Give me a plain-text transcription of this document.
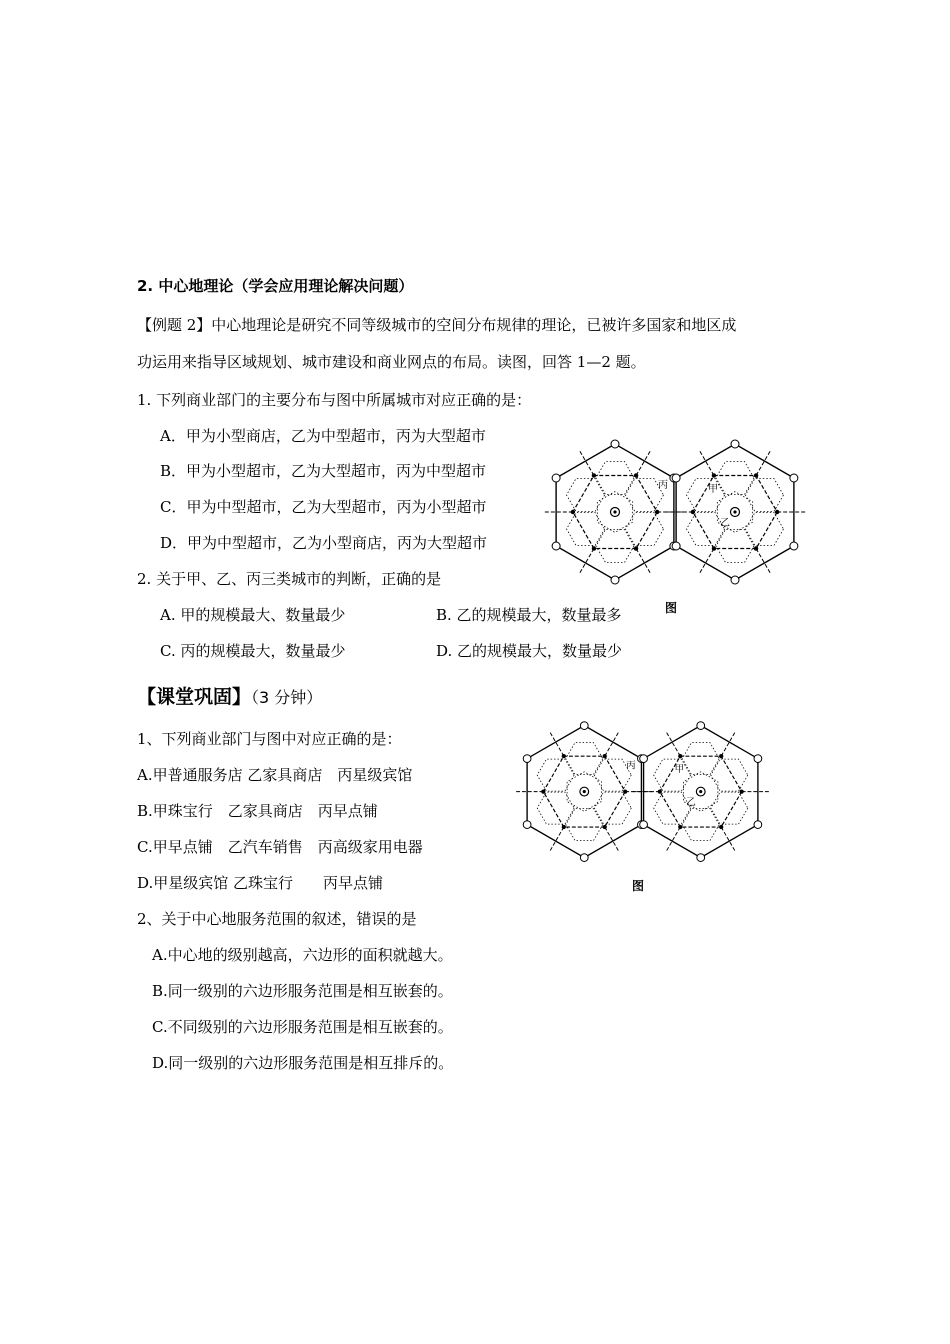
2. 中心地理论（学会应用理论解决问题）
【例题 2】中心地理论是研究不同等级城市的空间分布规律的理论，已被许多国家和地区成
功运用来指导区域规划、城市建设和商业网点的布局。读图，回答 1—2 题。
1. 下列商业部门的主要分布与图中所属城市对应正确的是：
A．甲为小型商店，乙为中型超市，丙为大型超市
B．甲为小型超市，乙为大型超市，丙为中型超市
C．甲为中型超市，乙为大型超市，丙为小型超市
D．甲为中型超市，乙为小型商店，丙为大型超市
2. 关于甲、乙、丙三类城市的判断，正确的是
A. 甲的规模最大、数量最少	B. 乙的规模最大，数量最多
C. 丙的规模最大，数量最少	D. 乙的规模最大，数量最少
丙	甲
乙
图
【课堂巩固】（3 分钟）
1、下列商业部门与图中对应正确的是：
A.甲普通服务店 乙家具商店　丙星级宾馆
B.甲珠宝行　乙家具商店　丙早点铺
C.甲早点铺　乙汽车销售　丙高级家用电器
D.甲星级宾馆 乙珠宝行　　丙早点铺
2、关于中心地服务范围的叙述，错误的是
A.中心地的级别越高，六边形的面积就越大。
B.同一级别的六边形服务范围是相互嵌套的。
C.不同级别的六边形服务范围是相互嵌套的。
D.同一级别的六边形服务范围是相互排斥的。
丙	甲
乙
图
